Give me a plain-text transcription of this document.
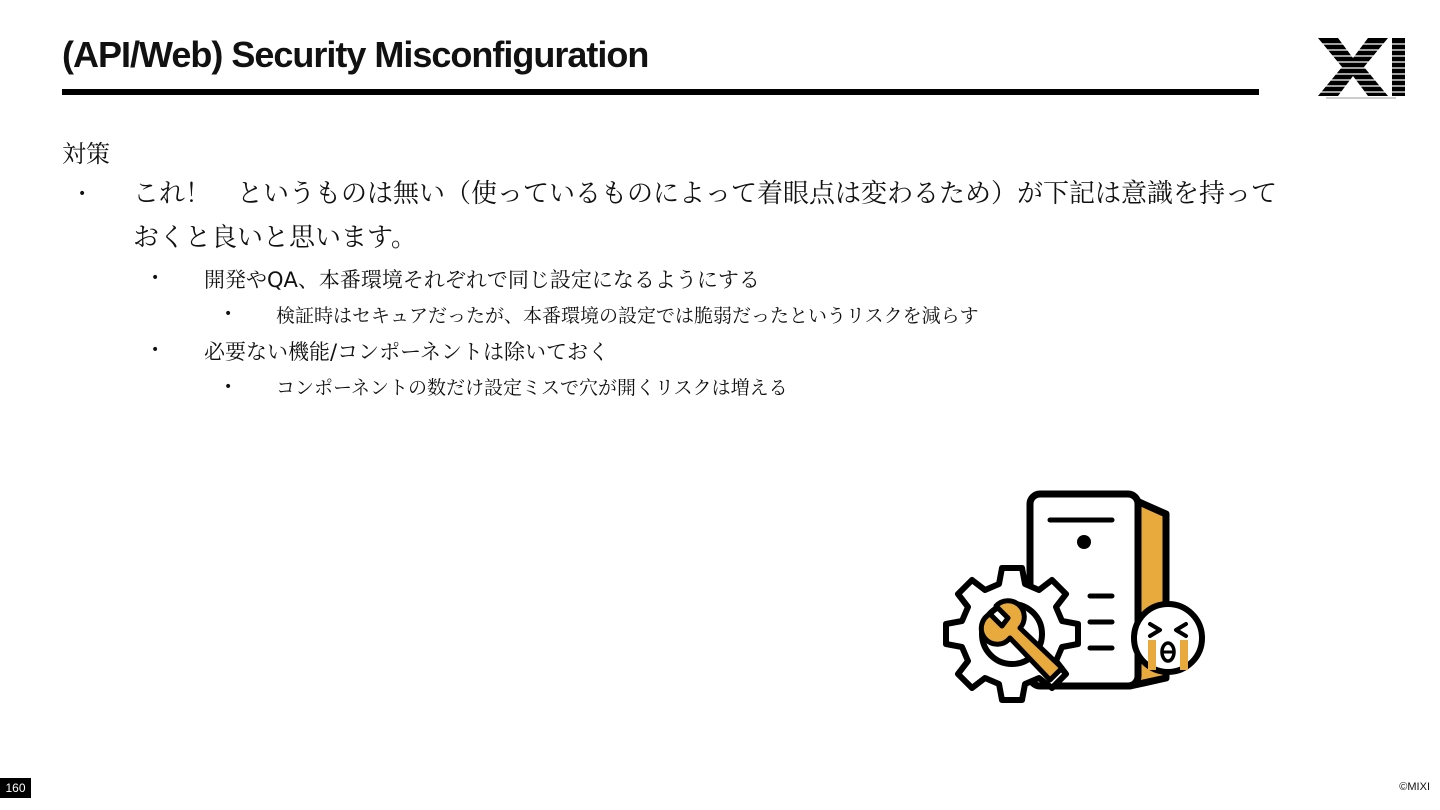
(API/Web) Security Misconfiguration
対策
• これ！　というものは無い（使っているものによって着眼点は変わるため）が下記は意識を持って
おくと良いと思います。
• 開発やQA、本番環境それぞれで同じ設定になるようにする
• 検証時はセキュアだったが、本番環境の設定では脆弱だったというリスクを減らす
• 必要ない機能/コンポーネントは除いておく
• コンポーネントの数だけ設定ミスで穴が開くリスクは増える
160	©MIXI
